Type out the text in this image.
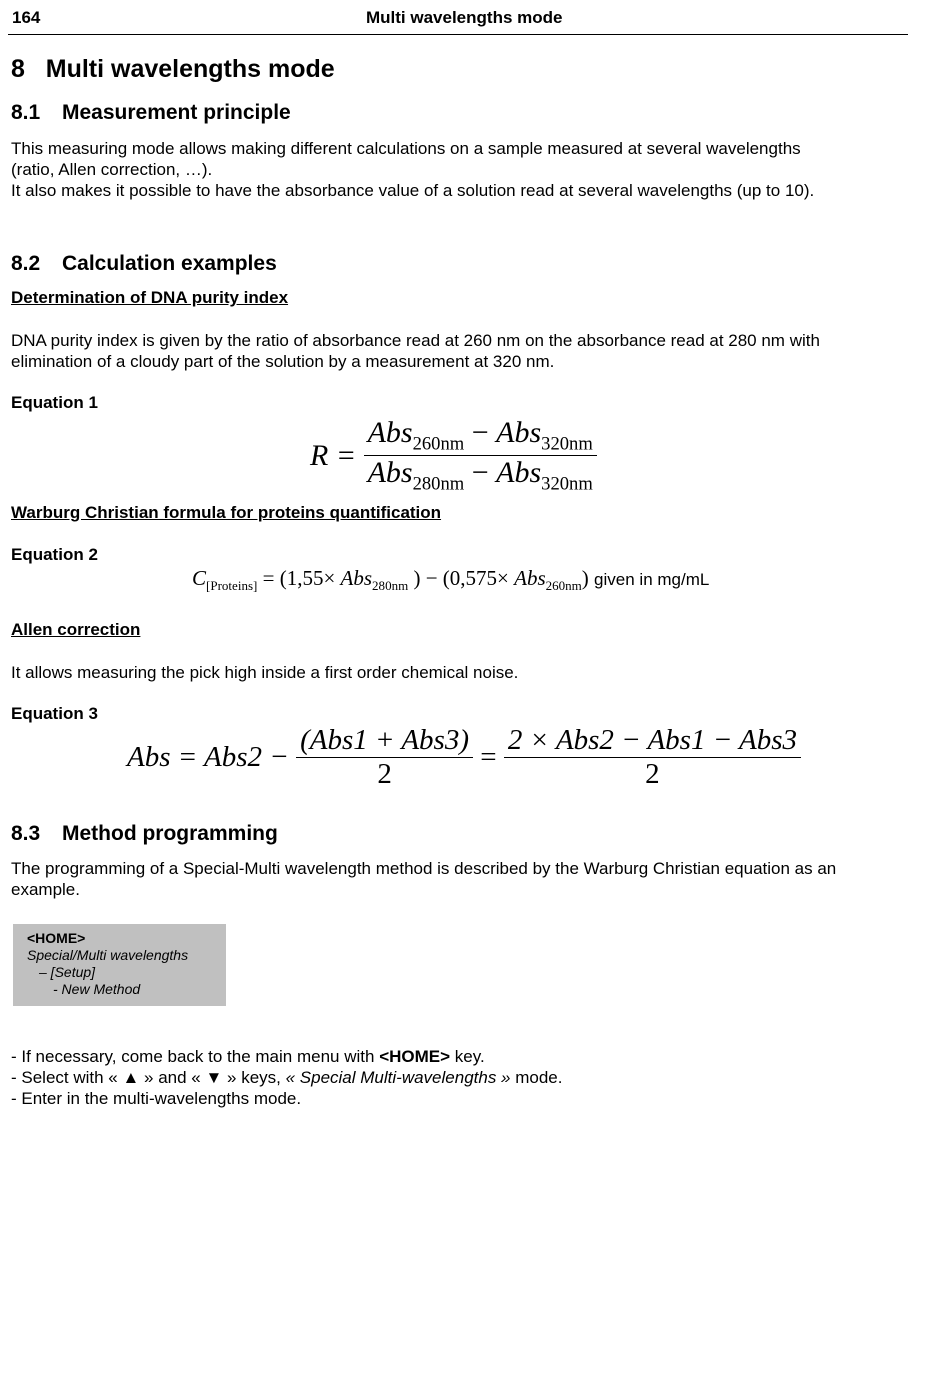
164	Multi wavelengths mode
8   Multi wavelengths mode
8.1 Measurement principle

This measuring mode allows making different calculations on a sample measured at several wavelengths
(ratio, Allen correction, …).
It also makes it possible to have the absorbance value of a solution read at several wavelengths (up to 10).

8.2 Calculation examples

Determination of DNA purity index

DNA purity index is given by the ratio of absorbance read at 260 nm on the absorbance read at 280 nm with
elimination of a cloudy part of the solution by a measurement at 320 nm.

Equation 1

$R = \frac{Abs_{260nm} - Abs_{320nm}}{Abs_{280nm} - Abs_{320nm}}$

Warburg Christian formula for proteins quantification

Equation 2

$C_{[Proteins]} = (1,55\times Abs_{280nm}$ ) − (0,575× Abs$_{260nm}$) given in mg/mL

Allen correction

It allows measuring the pick high inside a first order chemical noise.

Equation 3

Abs = $Abs2 - \frac{\text{(Abs1 + Abs3)}}{2} = \frac{\text{2 × Abs2 − Abs1 − Abs3}}{2}$
8.3 Method programming

The programming of a Special-Multi wavelength method is described by the Warburg Christian equation as an
example.

<HOME>
Special/Multi wavelengths
– [Setup]
- New Method
- If necessary, come back to the main menu with <HOME> key.
- Select with « ▲ » and « ▼ » keys, « Special Multi-wavelengths » mode.
- Enter in the multi-wavelengths mode.
